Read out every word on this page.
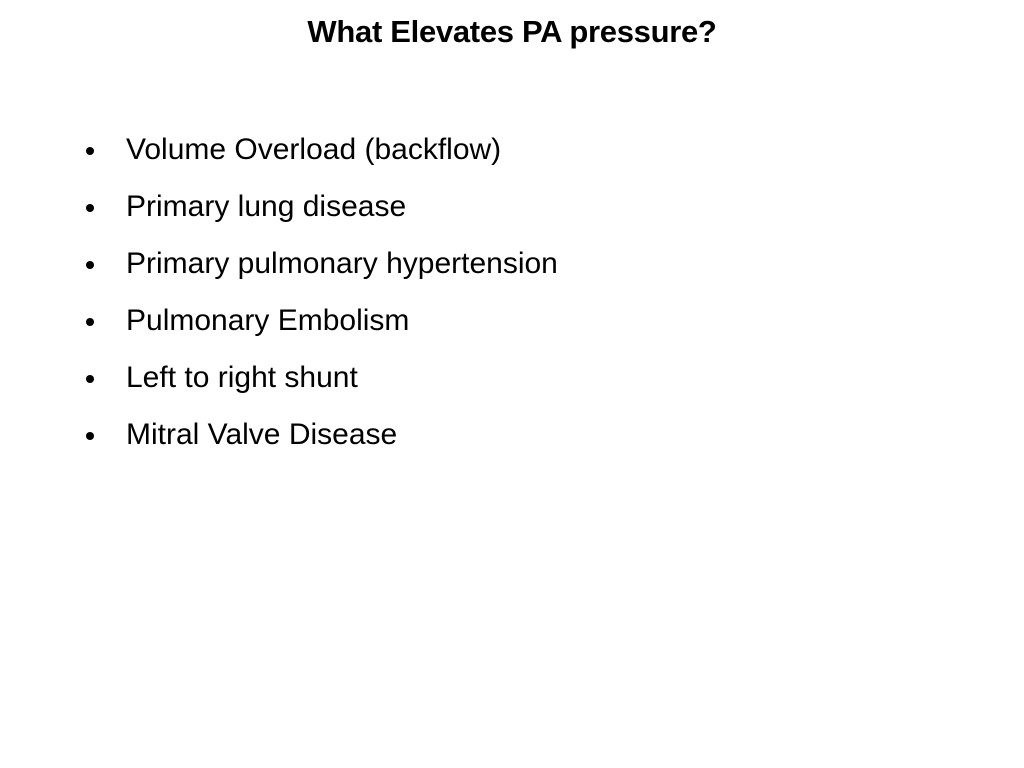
What Elevates PA pressure?
Volume Overload (backflow)
Primary lung disease
Primary pulmonary hypertension
Pulmonary Embolism
Left to right shunt
Mitral Valve Disease
